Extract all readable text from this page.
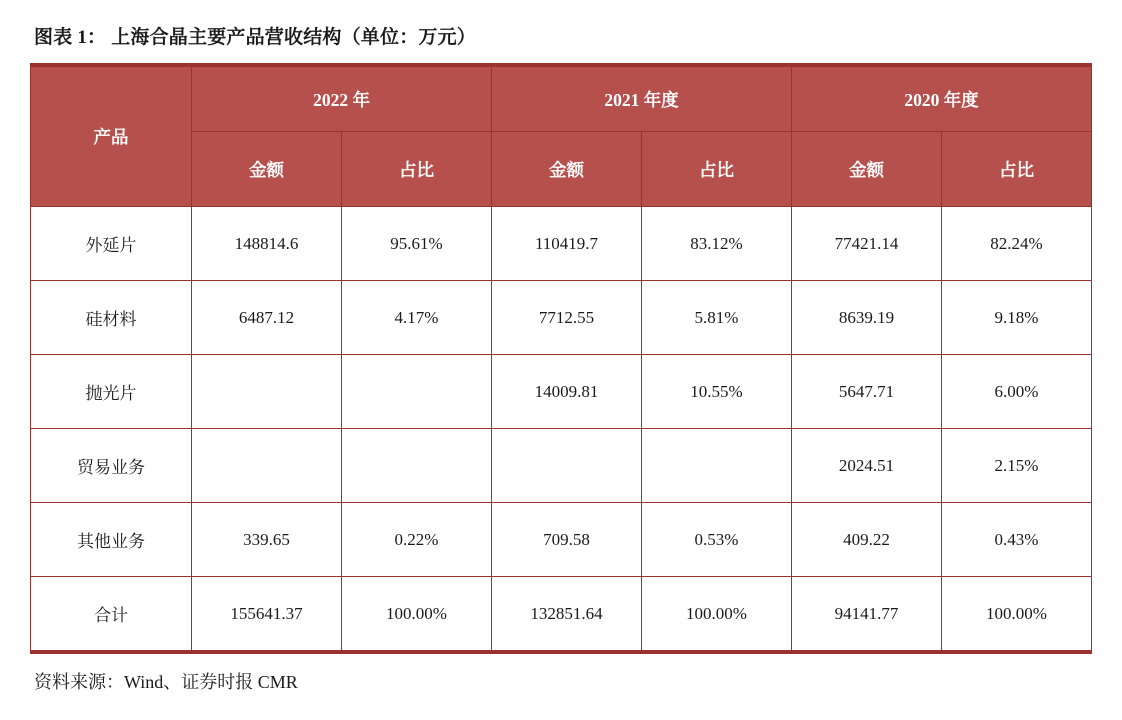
图表 1： 上海合晶主要产品营收结构（单位：万元）
产品	2022 年		2021 年度		2020 年度	
	金额	占比	金额	占比	金额	占比
外延片	148814.6	95.61%	110419.7	83.12%	77421.14	82.24%
硅材料	6487.12	4.17%	7712.55	5.81%	8639.19	9.18%
抛光片			14009.81	10.55%	5647.71	6.00%
贸易业务					2024.51	2.15%
其他业务	339.65	0.22%	709.58	0.53%	409.22	0.43%
合计	155641.37	100.00%	132851.64	100.00%	94141.77	100.00%
资料来源：Wind、证券时报 CMR
